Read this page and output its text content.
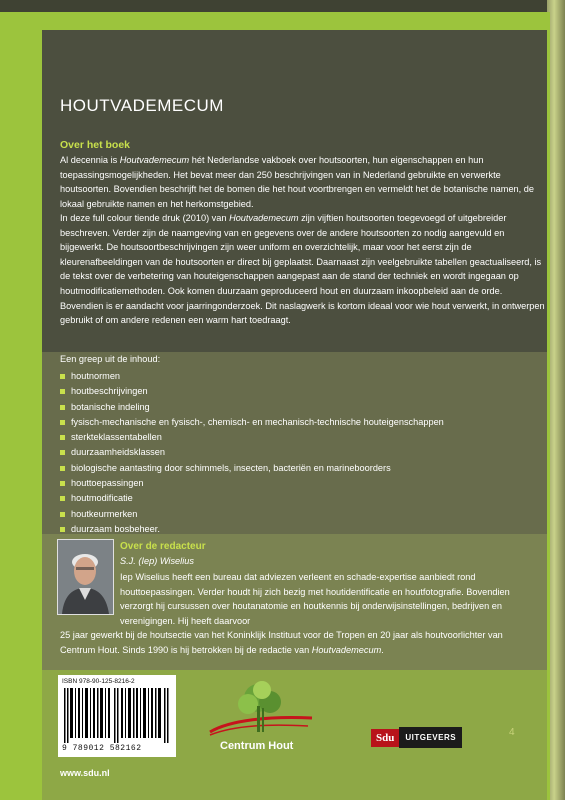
HOUTVADEMECUM
Over het boek

Al decennia is Houtvademecum hét Nederlandse vakboek over houtsoorten, hun eigenschappen en hun toepassingsmogelijkheden. Het bevat meer dan 250 beschrijvingen van in Nederland gebruikte en verwerkte houtsoorten. Bovendien beschrijft het de bomen die het hout voortbrengen en vermeldt het de botanische namen, de lokaal gebruikte namen en het herkomstgebied.

In deze full colour tiende druk (2010) van Houtvademecum zijn vijftien houtsoorten toegevoegd of uitgebreider beschreven. Verder zijn de naamgeving van en gegevens over de andere houtsoorten zo nodig aangevuld en bijgewerkt. De houtsoortbeschrijvingen zijn weer uniform en overzichtelijk, maar voor het eerst zijn de kleurenafbeeldingen van de houtsoorten er direct bij geplaatst. Daarnaast zijn veelgebruikte tabellen geactualiseerd, is de tekst over de verbetering van houteigenschappen aangepast aan de stand der techniek en wordt ingegaan op houtmodificatiemethoden. Ook komen duurzaam geproduceerd hout en duurzaam inkoopbeleid aan de orde. Bovendien is er aandacht voor jaarringonderzoek. Dit naslagwerk is kortom ideaal voor wie hout verwerkt, in ontwerpen gebruikt of om andere redenen een warm hart toedraagt.

Een greep uit de inhoud:

houtnormen
houtbeschrijvingen
botanische indeling
fysisch-mechanische en fysisch-, chemisch- en mechanisch-technische houteigenschappen
sterkteklassentabellen
duurzaamheidsklassen
biologische aantasting door schimmels, insecten, bacteriën en marineboorders
houttoepassingen
houtmodificatie
houtkeurmerken
duurzaam bosbeheer.
Over de redacteur

S.J. (Iep) Wiselius

Iep Wiselius heeft een bureau dat adviezen verleent en schade-expertise aanbiedt rond houttoepassingen. Verder houdt hij zich bezig met houtidentificatie en houtfotografie. Bovendien verzorgt hij cursussen over houtanatomie en houtkennis bij onderwijsinstellingen, bedrijven en verenigingen. Hij heeft daarvoor

25 jaar gewerkt bij de houtsectie van het Koninklijk Instituut voor de Tropen en 20 jaar als houtvoorlichter van Centrum Hout. Sinds 1990 is hij betrokken bij de redactie van Houtvademecum.

ISBN 978-90-125-8216-2

9 789012 582162	Centrum Hout

Sdu	UITGEVERS

www.sdu.nl

4
